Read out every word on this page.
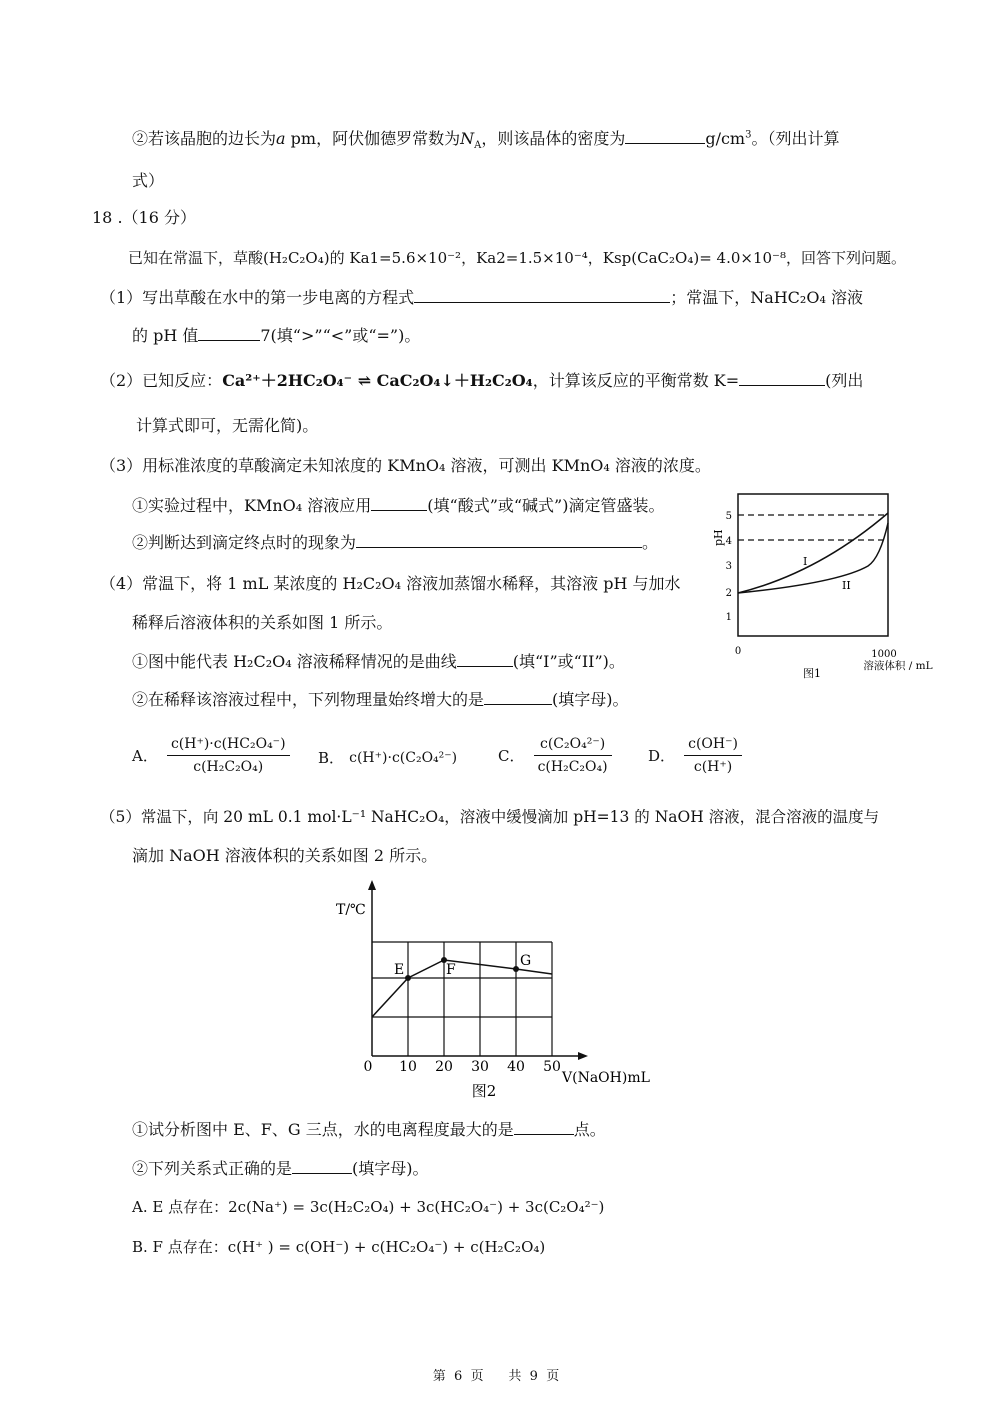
②若该晶胞的边长为a pm，阿伏伽德罗常数为$N_A$，则该晶体的密度为	$g/cm^3$。（列出计算
式）
18 .（16 分）
已知在常温下，草酸(H₂C₂O₄)的 Ka1=5.6×10⁻²，Ka2=1.5×10⁻⁴，Ksp(CaC₂O₄)= 4.0×10⁻⁸，回答下列问题。
（1）写出草酸在水中的第一步电离的方程式	；常温下，NaHC₂O₄ 溶液
的 pH 值	7(填“>”“<”或“=”)。
（2）已知反应：Ca²⁺＋2HC₂O₄⁻ ⇌ CaC₂O₄↓＋H₂C₂O₄，计算该反应的平衡常数 K=	(列出
计算式即可，无需化简)。
（3）用标准浓度的草酸滴定未知浓度的 KMnO₄ 溶液，可测出 KMnO₄ 溶液的浓度。
①实验过程中，KMnO₄ 溶液应用	(填“酸式”或“碱式”)滴定管盛装。
②判断达到滴定终点时的现象为	。
（4）常温下，将 1 mL 某浓度的 H₂C₂O₄ 溶液加蒸馏水稀释，其溶液 pH 与加水
稀释后溶液体积的关系如图 1 所示。
①图中能代表 H₂C₂O₄ 溶液稀释情况的是曲线	(填“I”或“II”)。
②在稀释该溶液过程中，下列物理量始终增大的是	(填字母)。
A． $\frac{\text{c(H⁺)·c(HC₂O₄⁻)}}{\text{c(H₂C₂O₄)}}$ B． c(H⁺)·c(C₂O₄²⁻)	C． $\frac{\text{c(C₂O₄²⁻)}}{\text{c(H₂C₂O₄)}}$ D． $\frac{c(OH^-)}{c(H^+)}$
（5）常温下，向 20 mL 0.1 mol·L⁻¹ NaHC₂O₄，溶液中缓慢滴加 pH=13 的 NaOH 溶液，混合溶液的温度与
滴加 NaOH 溶液体积的关系如图 2 所示。
①试分析图中 E、F、G 三点，水的电离程度最大的是	点。
②下列关系式正确的是	(填字母)。
A. E 点存在：2c(Na⁺) = 3c(H₂C₂O₄) + 3c(HC₂O₄⁻) + 3c(C₂O₄²⁻)
B. F 点存在：c(H⁺ ) = c(OH⁻) + c(HC₂O₄⁻) + c(H₂C₂O₄)
pH
5
4
3
2
1
0	1000
溶液体积 / mL
图1
I
II
E	F
G
T/℃
0 10 20 30 40 50
V(NaOH)mL
图2
第  6  页      共  9  页
